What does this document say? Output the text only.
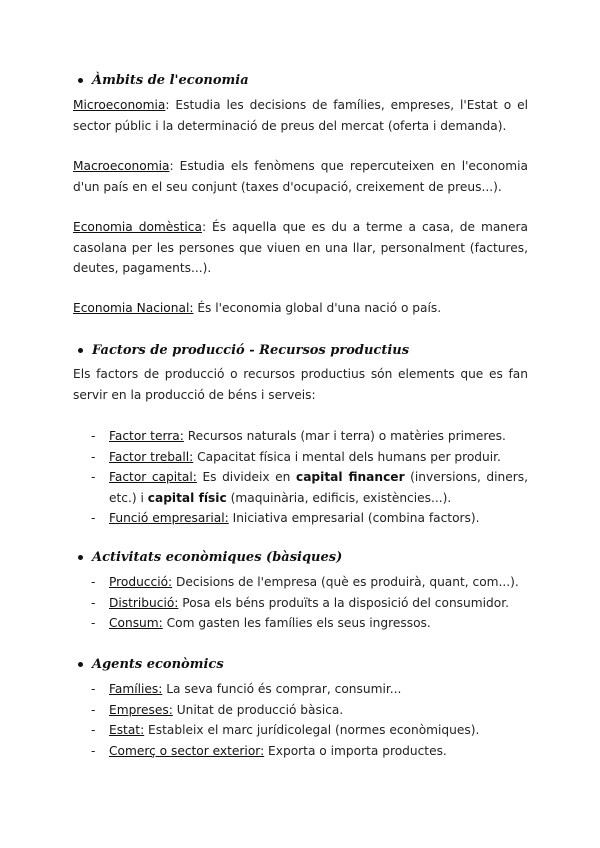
Àmbits de l'economia
Microeconomia: Estudia les decisions de famílies, empreses, l'Estat o el sector públic i la determinació de preus del mercat (oferta i demanda).
Macroeconomia: Estudia els fenòmens que repercuteixen en l'economia d'un país en el seu conjunt (taxes d'ocupació, creixement de preus...).
Economia domèstica: És aquella que es du a terme a casa, de manera casolana per les persones que viuen en una llar, personalment (factures, deutes, pagaments...).
Economia Nacional: És l'economia global d'una nació o país.
Factors de producció - Recursos productius
Els factors de producció o recursos productius són elements que es fan servir en la producció de béns i serveis:
- Factor terra: Recursos naturals (mar i terra) o matèries primeres.
- Factor treball: Capacitat física i mental dels humans per produir.
- Factor capital: Es divideix en capital financer (inversions, diners, etc.) i capital físic (maquinària, edificis, existències...).
- Funció empresarial: Iniciativa empresarial (combina factors).
Activitats econòmiques (bàsiques)
- Producció: Decisions de l'empresa (què es produirà, quant, com...).
- Distribució: Posa els béns produïts a la disposició del consumidor.
- Consum: Com gasten les famílies els seus ingressos.
Agents econòmics
- Famílies: La seva funció és comprar, consumir...
- Empreses: Unitat de producció bàsica.
- Estat: Estableix el marc jurídicolegal (normes econòmiques).
- Comerç o sector exterior: Exporta o importa productes.
